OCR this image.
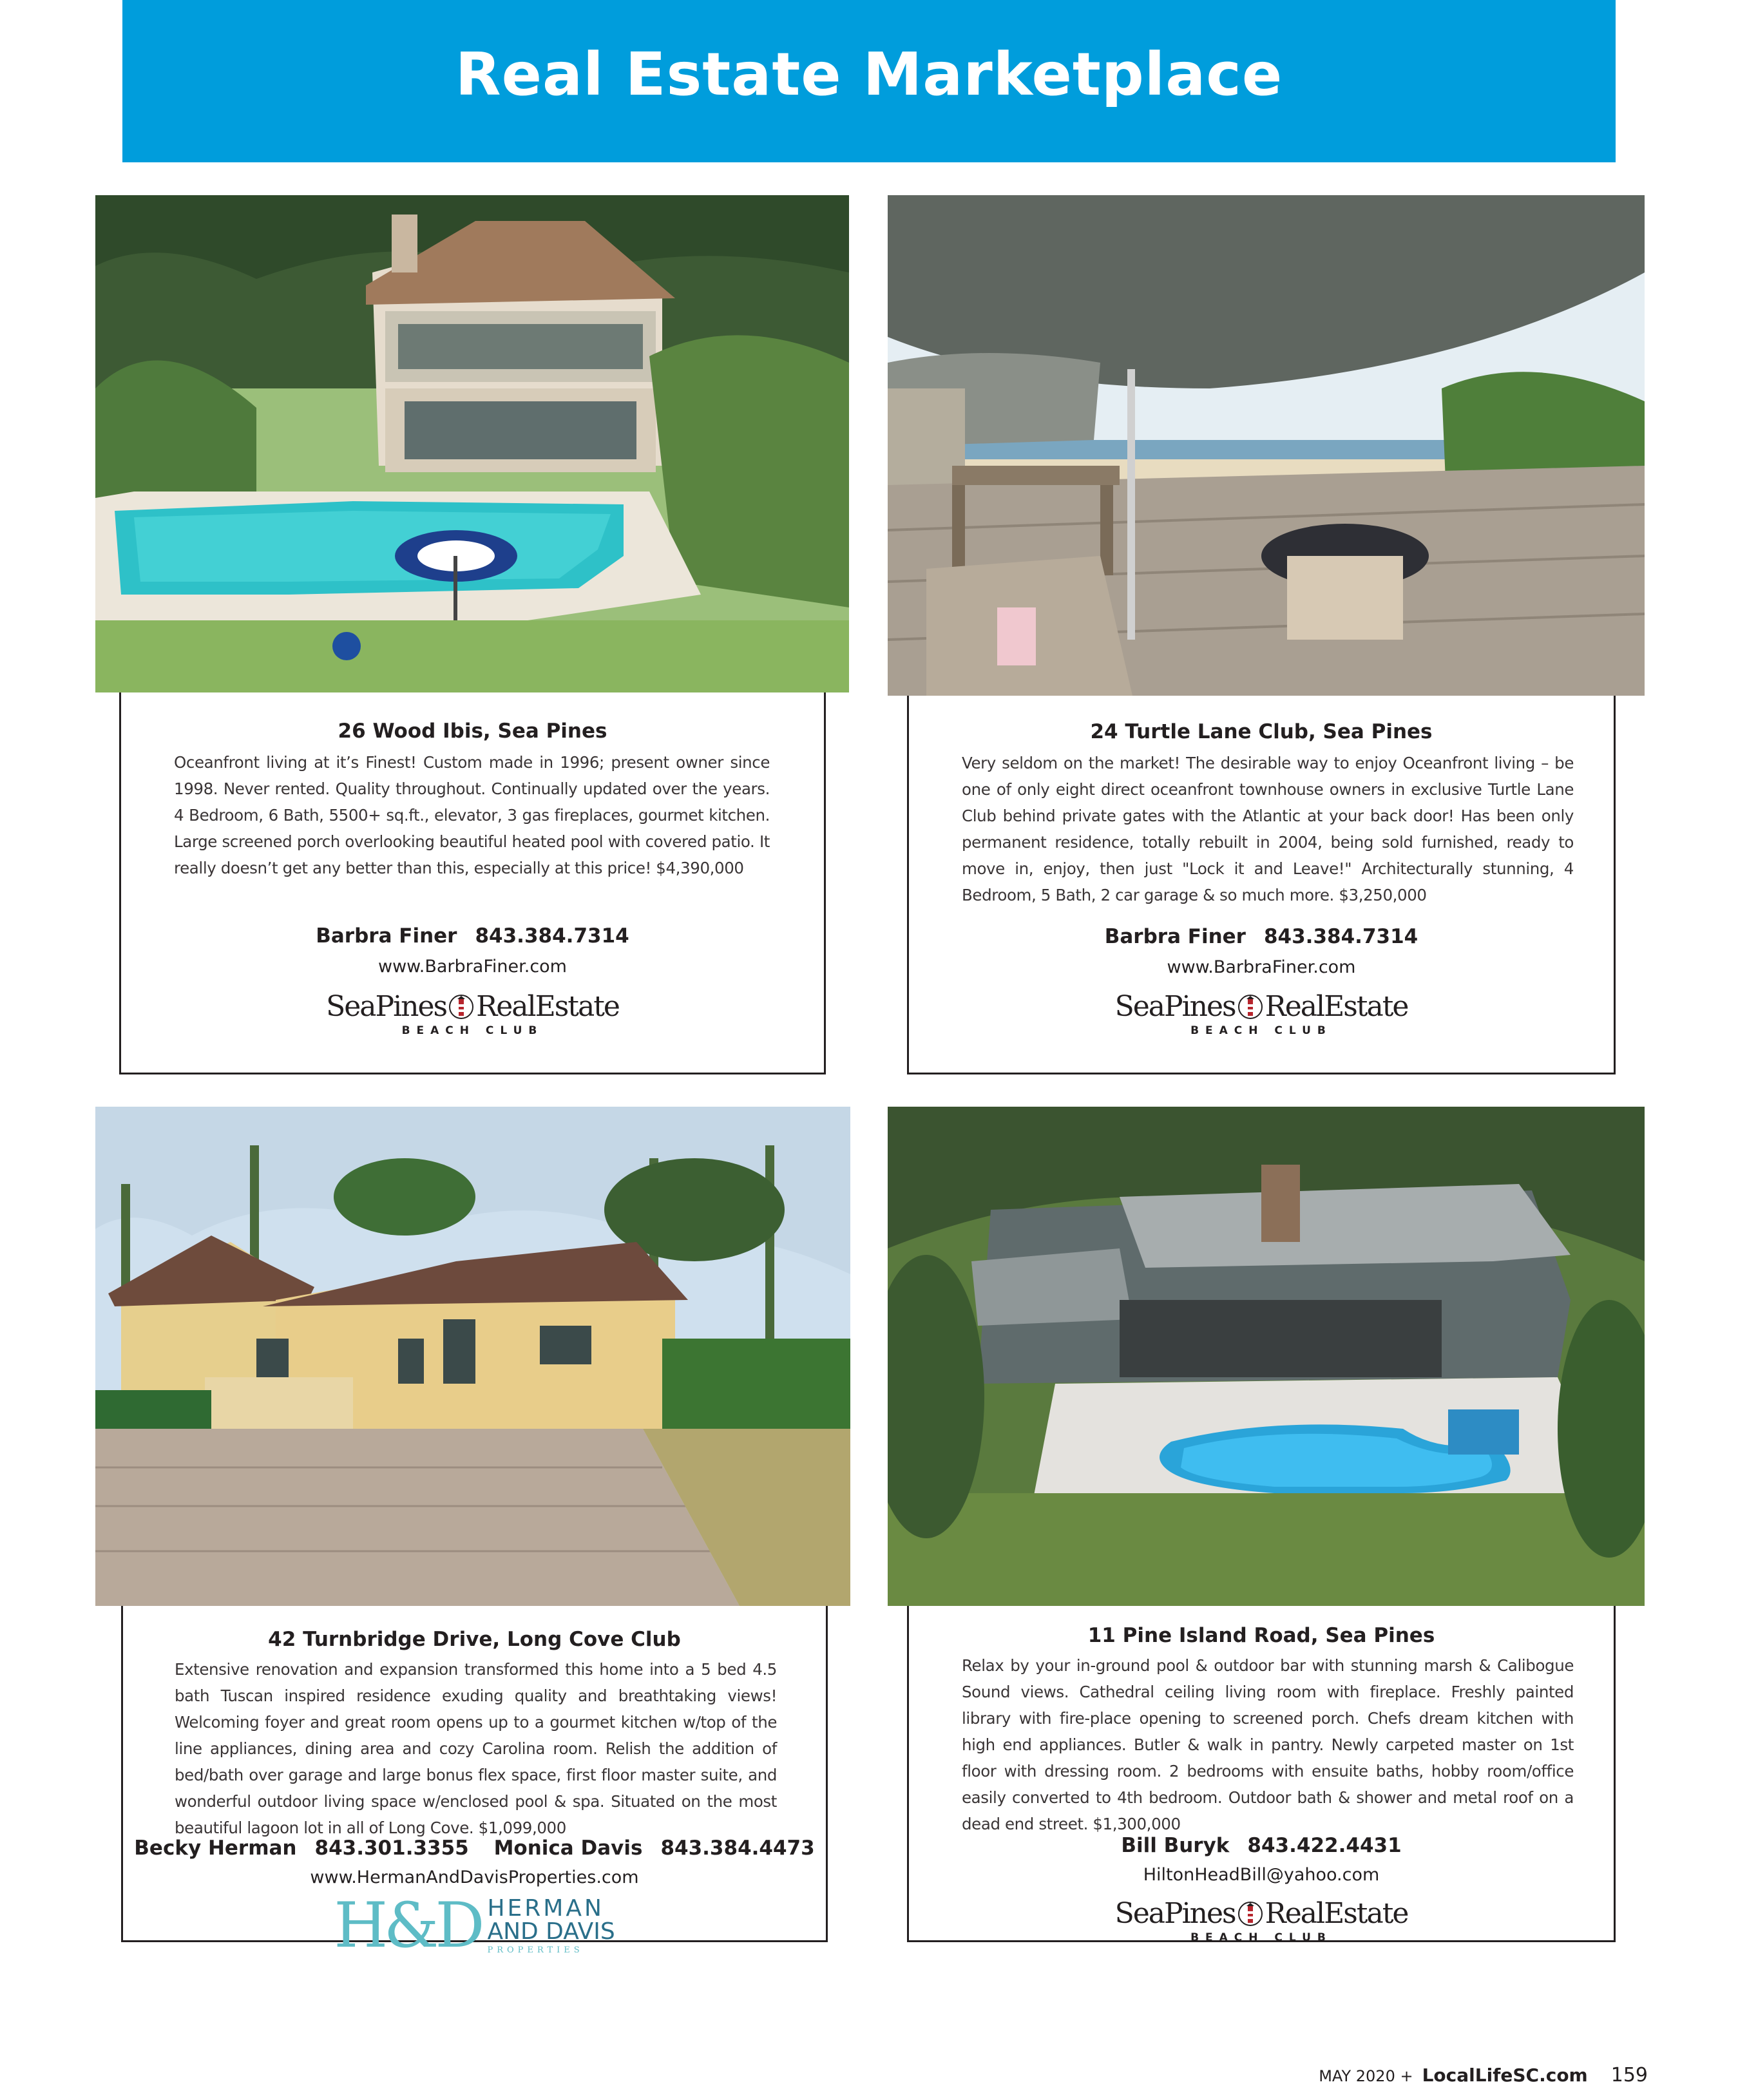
Real Estate Marketplace
26 Wood Ibis, Sea Pines
Oceanfront living at it’s Finest! Custom made in 1996; present owner since 1998. Never rented. Quality throughout. Continually updated over the years. 4 Bedroom, 6 Bath, 5500+ sq.ft., elevator, 3 gas fireplaces, gourmet kitchen. Large screened porch overlooking beautiful heated pool with covered patio. It really doesn’t get any better than this, especially at this price! $4,390,000
Barbra Finer 843.384.7314
www.BarbraFiner.com
SeaPines RealEstate
BEACH CLUB
24 Turtle Lane Club, Sea Pines
Very seldom on the market! The desirable way to enjoy Oceanfront living – be one of only eight direct oceanfront townhouse owners in exclusive Turtle Lane Club behind private gates with the Atlantic at your back door! Has been only permanent residence, totally rebuilt in 2004, being sold furnished, ready to move in, enjoy, then just "Lock it and Leave!" Architecturally stunning, 4 Bedroom, 5 Bath, 2 car garage & so much more. $3,250,000
Barbra Finer 843.384.7314
www.BarbraFiner.com
SeaPines RealEstate
BEACH CLUB
42 Turnbridge Drive, Long Cove Club
Extensive renovation and expansion transformed this home into a 5 bed 4.5 bath Tuscan inspired residence exuding quality and breathtaking views! Welcoming foyer and great room opens up to a gourmet kitchen w/top of the line appliances, dining area and cozy Carolina room. Relish the addition of bed/bath over garage and large bonus flex space, first floor master suite, and wonderful outdoor living space w/enclosed pool & spa. Situated on the most beautiful lagoon lot in all of Long Cove. $1,099,000
Becky Herman 843.301.3355 Monica Davis 843.384.4473
www.HermanAndDavisProperties.com
H&D HERMAN
AND DAVIS
PROPERTIES
11 Pine Island Road, Sea Pines
Relax by your in-ground pool & outdoor bar with stunning marsh & Calibogue Sound views. Cathedral ceiling living room with fireplace. Freshly painted library with fire-place opening to screened porch. Chefs dream kitchen with high end appliances. Butler & walk in pantry. Newly carpeted master on 1st floor with dressing room. 2 bedrooms with ensuite baths, hobby room/office easily converted to 4th bedroom. Outdoor bath & shower and metal roof on a dead end street. $1,300,000
Bill Buryk 843.422.4431
HiltonHeadBill@yahoo.com
SeaPines RealEstate
BEACH CLUB
MAY 2020 + LocalLifeSC.com 159
